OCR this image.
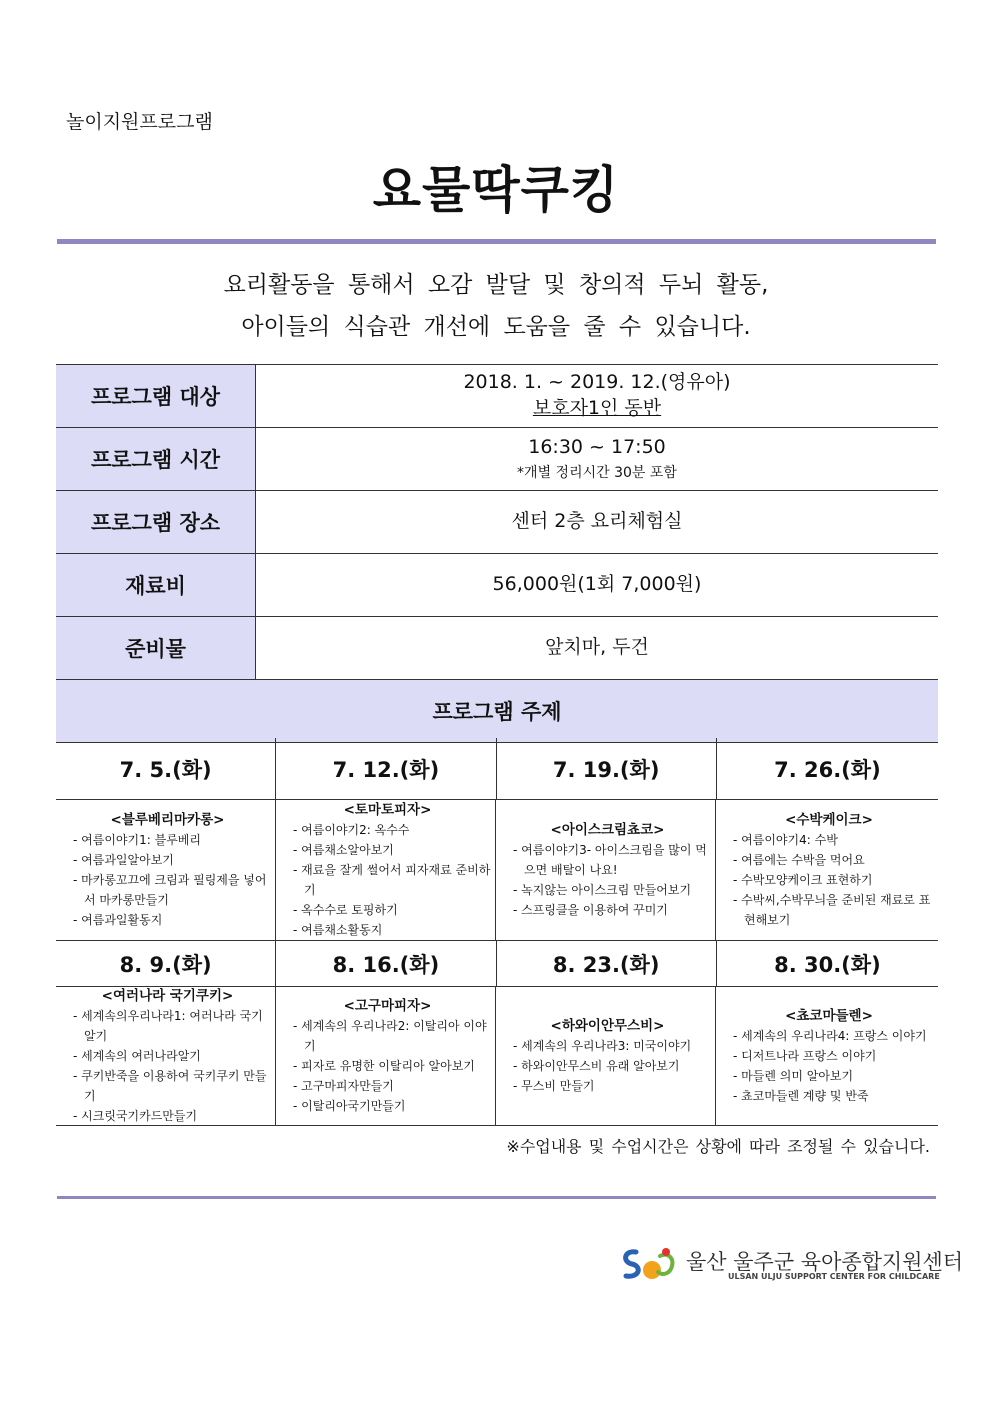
놀이지원프로그램
요물딱쿠킹
요리활동을 통해서 오감 발달 및 창의적 두뇌 활동,
아이들의 식습관 개선에 도움을 줄 수 있습니다.
프로그램 대상
2018. 1. ~ 2019. 12.(영유아)
보호자1인 동반
프로그램 시간
16:30 ~ 17:50
*개별 정리시간 30분 포함
프로그램 장소	센터 2층 요리체험실
재료비	56,000원(1회 7,000원)
준비물	앞치마, 두건
프로그램 주제
7. 5.(화)	7. 12.(화)	7. 19.(화)	7. 26.(화)
<블루베리마카롱>
- 여름이야기1: 블루베리
- 여름과일알아보기
- 마카롱꼬끄에 크림과 필링제을 넣어서 마카롱만들기
- 여름과일활동지
<토마토피자>
- 여름이야기2: 옥수수
- 여름채소알아보기
- 재료을 잘게 썰어서 피자재료 준비하기
- 옥수수로 토핑하기
- 여름채소활동지
<아이스크림쵸코>
- 여름이야기3- 아이스크림을 많이 먹으면 배탈이 나요!
- 녹지않는 아이스크림 만들어보기
- 스프링클을 이용하여 꾸미기
<수박케이크>
- 여름이야기4: 수박
- 여름에는 수박을 먹어요
- 수박모양케이크 표현하기
- 수박씨,수박무늬을 준비된 재료로 표현해보기
8. 9.(화)	8. 16.(화)	8. 23.(화)	8. 30.(화)
<여러나라 국기쿠키>
- 세계속의우리나라1: 여러나라 국기 알기
- 세계속의 여러나라알기
- 쿠키반죽을 이용하여 국키쿠키 만들기
- 시크릿국기카드만들기
<고구마피자>
- 세계속의 우리나라2: 이탈리아 이야기
- 피자로 유명한 이탈리아 알아보기
- 고구마피자만들기
- 이탈리아국기만들기
<하와이안무스비>
- 세계속의 우리나라3: 미국이야기
- 하와이안무스비 유래 알아보기
- 무스비 만들기
<쵸코마들렌>
- 세계속의 우리나라4: 프랑스 이야기
- 디저트나라 프랑스 이야기
- 마들렌 의미 알아보기
- 쵸코마들렌 계량 및 반죽
※수업내용 및 수업시간은 상황에 따라 조정될 수 있습니다.
울산 울주군 육아종합지원센터
ULSAN ULJU SUPPORT CENTER FOR CHILDCARE
